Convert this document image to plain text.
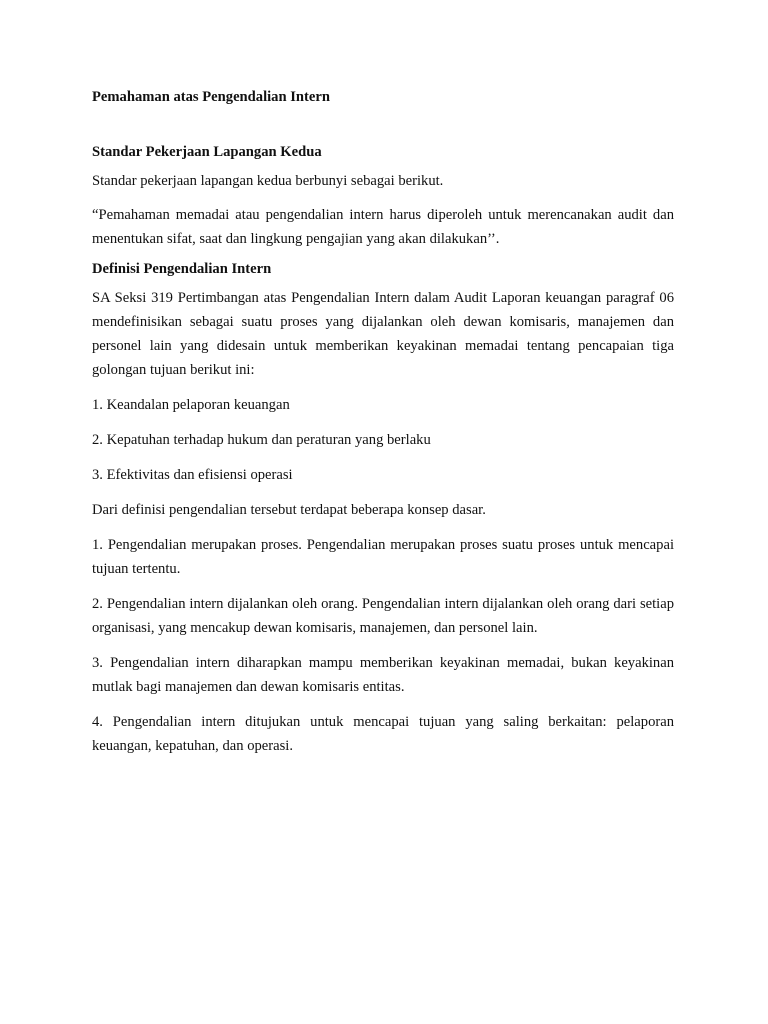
Pemahaman atas Pengendalian Intern

Standar Pekerjaan Lapangan Kedua

Standar pekerjaan lapangan kedua berbunyi sebagai berikut.

“Pemahaman memadai atau pengendalian intern harus diperoleh untuk merencanakan audit dan menentukan sifat, saat dan lingkung pengajian yang akan dilakukan’’.

Definisi Pengendalian Intern

SA Seksi 319 Pertimbangan atas Pengendalian Intern dalam Audit Laporan keuangan paragraf 06 mendefinisikan sebagai suatu proses yang dijalankan oleh dewan komisaris, manajemen dan personel lain yang didesain untuk memberikan keyakinan memadai tentang pencapaian tiga golongan tujuan berikut ini:

1. Keandalan pelaporan keuangan

2. Kepatuhan terhadap hukum dan peraturan yang berlaku

3. Efektivitas dan efisiensi operasi

Dari definisi pengendalian tersebut terdapat beberapa konsep dasar.

1. Pengendalian merupakan proses. Pengendalian merupakan proses suatu proses untuk mencapai tujuan tertentu.

2. Pengendalian intern dijalankan oleh orang. Pengendalian intern dijalankan oleh orang dari setiap organisasi, yang mencakup dewan komisaris, manajemen, dan personel lain.

3. Pengendalian intern diharapkan mampu memberikan keyakinan memadai, bukan keyakinan mutlak bagi manajemen dan dewan komisaris entitas.

4. Pengendalian intern ditujukan untuk mencapai tujuan yang saling berkaitan: pelaporan keuangan, kepatuhan, dan operasi.
